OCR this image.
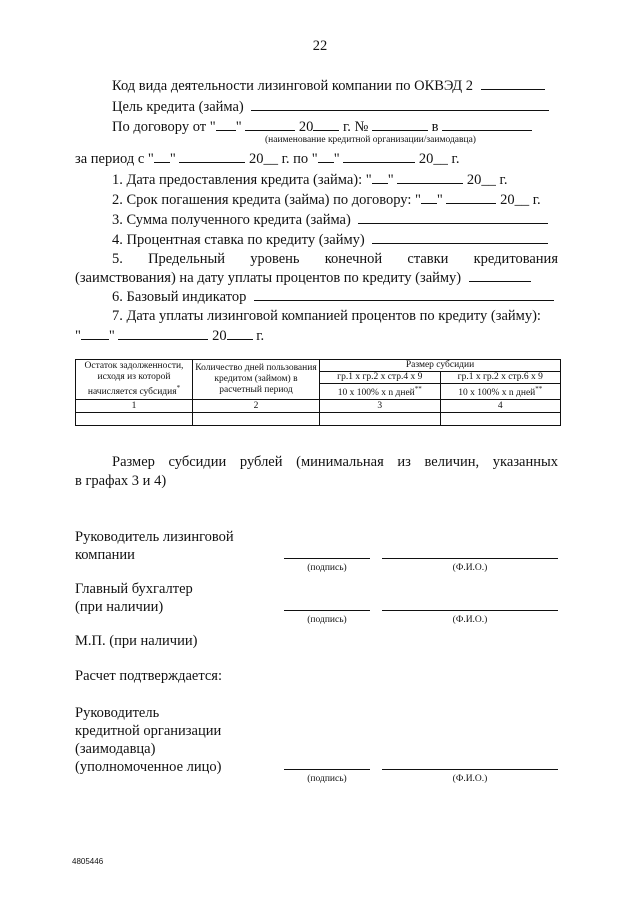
22
Код вида деятельности лизинговой компании по ОКВЭД 2
Цель кредита (займа)
По договору от " "	20 г. №	в
(наименование кредитной организации/заимодавца)
за период с " "	20__ г. по " "	20__ г.
1. Дата предоставления кредита (займа): " "	20__ г.
2. Срок погашения кредита (займа) по договору: " "	20__ г.
3. Сумма полученного кредита (займа)
4. Процентная ставка по кредиту (займу)
5. Предельный уровень конечной ставки кредитования
(заимствования) на дату уплаты процентов по кредиту (займу)
6. Базовый индикатор
7. Дата уплаты лизинговой компанией процентов по кредиту (займу):
" "	20 г.
Остаток задолженности, исходя из которой начисляется субсидия*	Количество дней пользования кредитом (займом) в расчетный период	Размер субсидии	
		гр.1 x гр.2 x стр.4 x 9	гр.1 x гр.2 x стр.6 x 9
		10 x 100% x n дней**	10 x 100% x n дней**
1	2	3	4

Размер субсидии рублей (минимальная из величин, указанных
в графах 3 и 4)
Руководитель лизинговой
компании
(подпись)	(Ф.И.О.)
Главный бухгалтер
(при наличии)
(подпись)	(Ф.И.О.)
М.П. (при наличии)
Расчет подтверждается:
Руководитель
кредитной организации
(заимодавца)
(уполномоченное лицо)
(подпись)	(Ф.И.О.)
4805446
